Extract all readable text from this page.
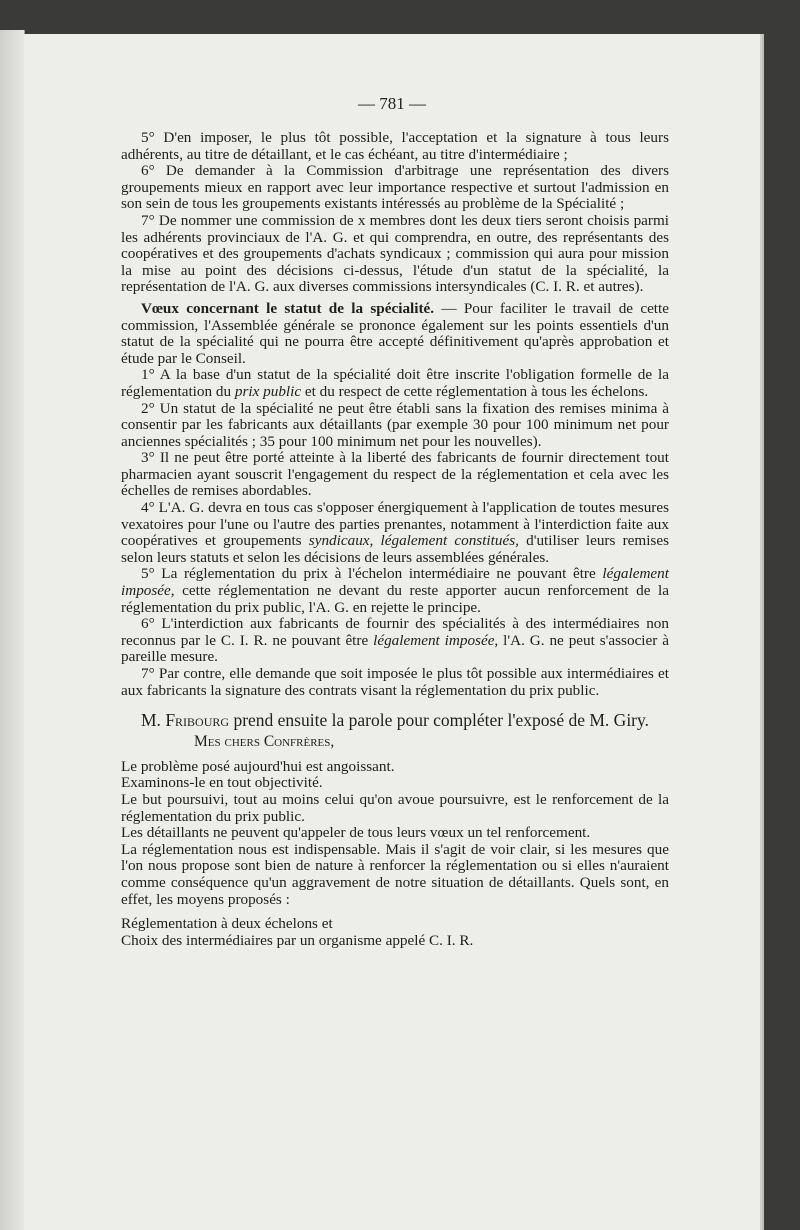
— 781 —

5° D'en imposer, le plus tôt possible, l'acceptation et la signature à tous leurs adhérents, au titre de détaillant, et le cas échéant, au titre d'intermédiaire ;

6° De demander à la Commission d'arbitrage une représentation des divers groupements mieux en rapport avec leur importance respective et surtout l'admission en son sein de tous les groupements existants intéressés au problème de la Spécialité ;

7° De nommer une commission de x membres dont les deux tiers seront choisis parmi les adhérents provinciaux de l'A. G. et qui comprendra, en outre, des représentants des coopératives et des groupements d'achats syndicaux ; commission qui aura pour mission la mise au point des décisions ci-dessus, l'étude d'un statut de la spécialité, la représentation de l'A. G. aux diverses commissions intersyndicales (C. I. R. et autres).

Vœux concernant le statut de la spécialité. — Pour faciliter le travail de cette commission, l'Assemblée générale se prononce également sur les points essentiels d'un statut de la spécialité qui ne pourra être accepté définitivement qu'après approbation et étude par le Conseil.

1° A la base d'un statut de la spécialité doit être inscrite l'obligation formelle de la réglementation du prix public et du respect de cette réglementation à tous les échelons.

2° Un statut de la spécialité ne peut être établi sans la fixation des remises minima à consentir par les fabricants aux détaillants (par exemple 30 pour 100 minimum net pour anciennes spécialités ; 35 pour 100 minimum net pour les nouvelles).

3° Il ne peut être porté atteinte à la liberté des fabricants de fournir directement tout pharmacien ayant souscrit l'engagement du respect de la réglementation et cela avec les échelles de remises abordables.

4° L'A. G. devra en tous cas s'opposer énergiquement à l'application de toutes mesures vexatoires pour l'une ou l'autre des parties prenantes, notamment à l'interdiction faite aux coopératives et groupements syndicaux, légalement constitués, d'utiliser leurs remises selon leurs statuts et selon les décisions de leurs assemblées générales.

5° La réglementation du prix à l'échelon intermédiaire ne pouvant être légalement imposée, cette réglementation ne devant du reste apporter aucun renforcement de la réglementation du prix public, l'A. G. en rejette le principe.

6° L'interdiction aux fabricants de fournir des spécialités à des intermédiaires non reconnus par le C. I. R. ne pouvant être légalement imposée, l'A. G. ne peut s'associer à pareille mesure.

7° Par contre, elle demande que soit imposée le plus tôt possible aux intermédiaires et aux fabricants la signature des contrats visant la réglementation du prix public.

M. Fribourg prend ensuite la parole pour compléter l'exposé de M. Giry.

Mes chers Confrères,

Le problème posé aujourd'hui est angoissant.

Examinons-le en tout objectivité.

Le but poursuivi, tout au moins celui qu'on avoue poursuivre, est le renforcement de la réglementation du prix public.

Les détaillants ne peuvent qu'appeler de tous leurs vœux un tel renforcement.

La réglementation nous est indispensable. Mais il s'agit de voir clair, si les mesures que l'on nous propose sont bien de nature à renforcer la réglementation ou si elles n'auraient comme conséquence qu'un aggravement de notre situation de détaillants. Quels sont, en effet, les moyens proposés :

Réglementation à deux échelons et

Choix des intermédiaires par un organisme appelé C. I. R.
